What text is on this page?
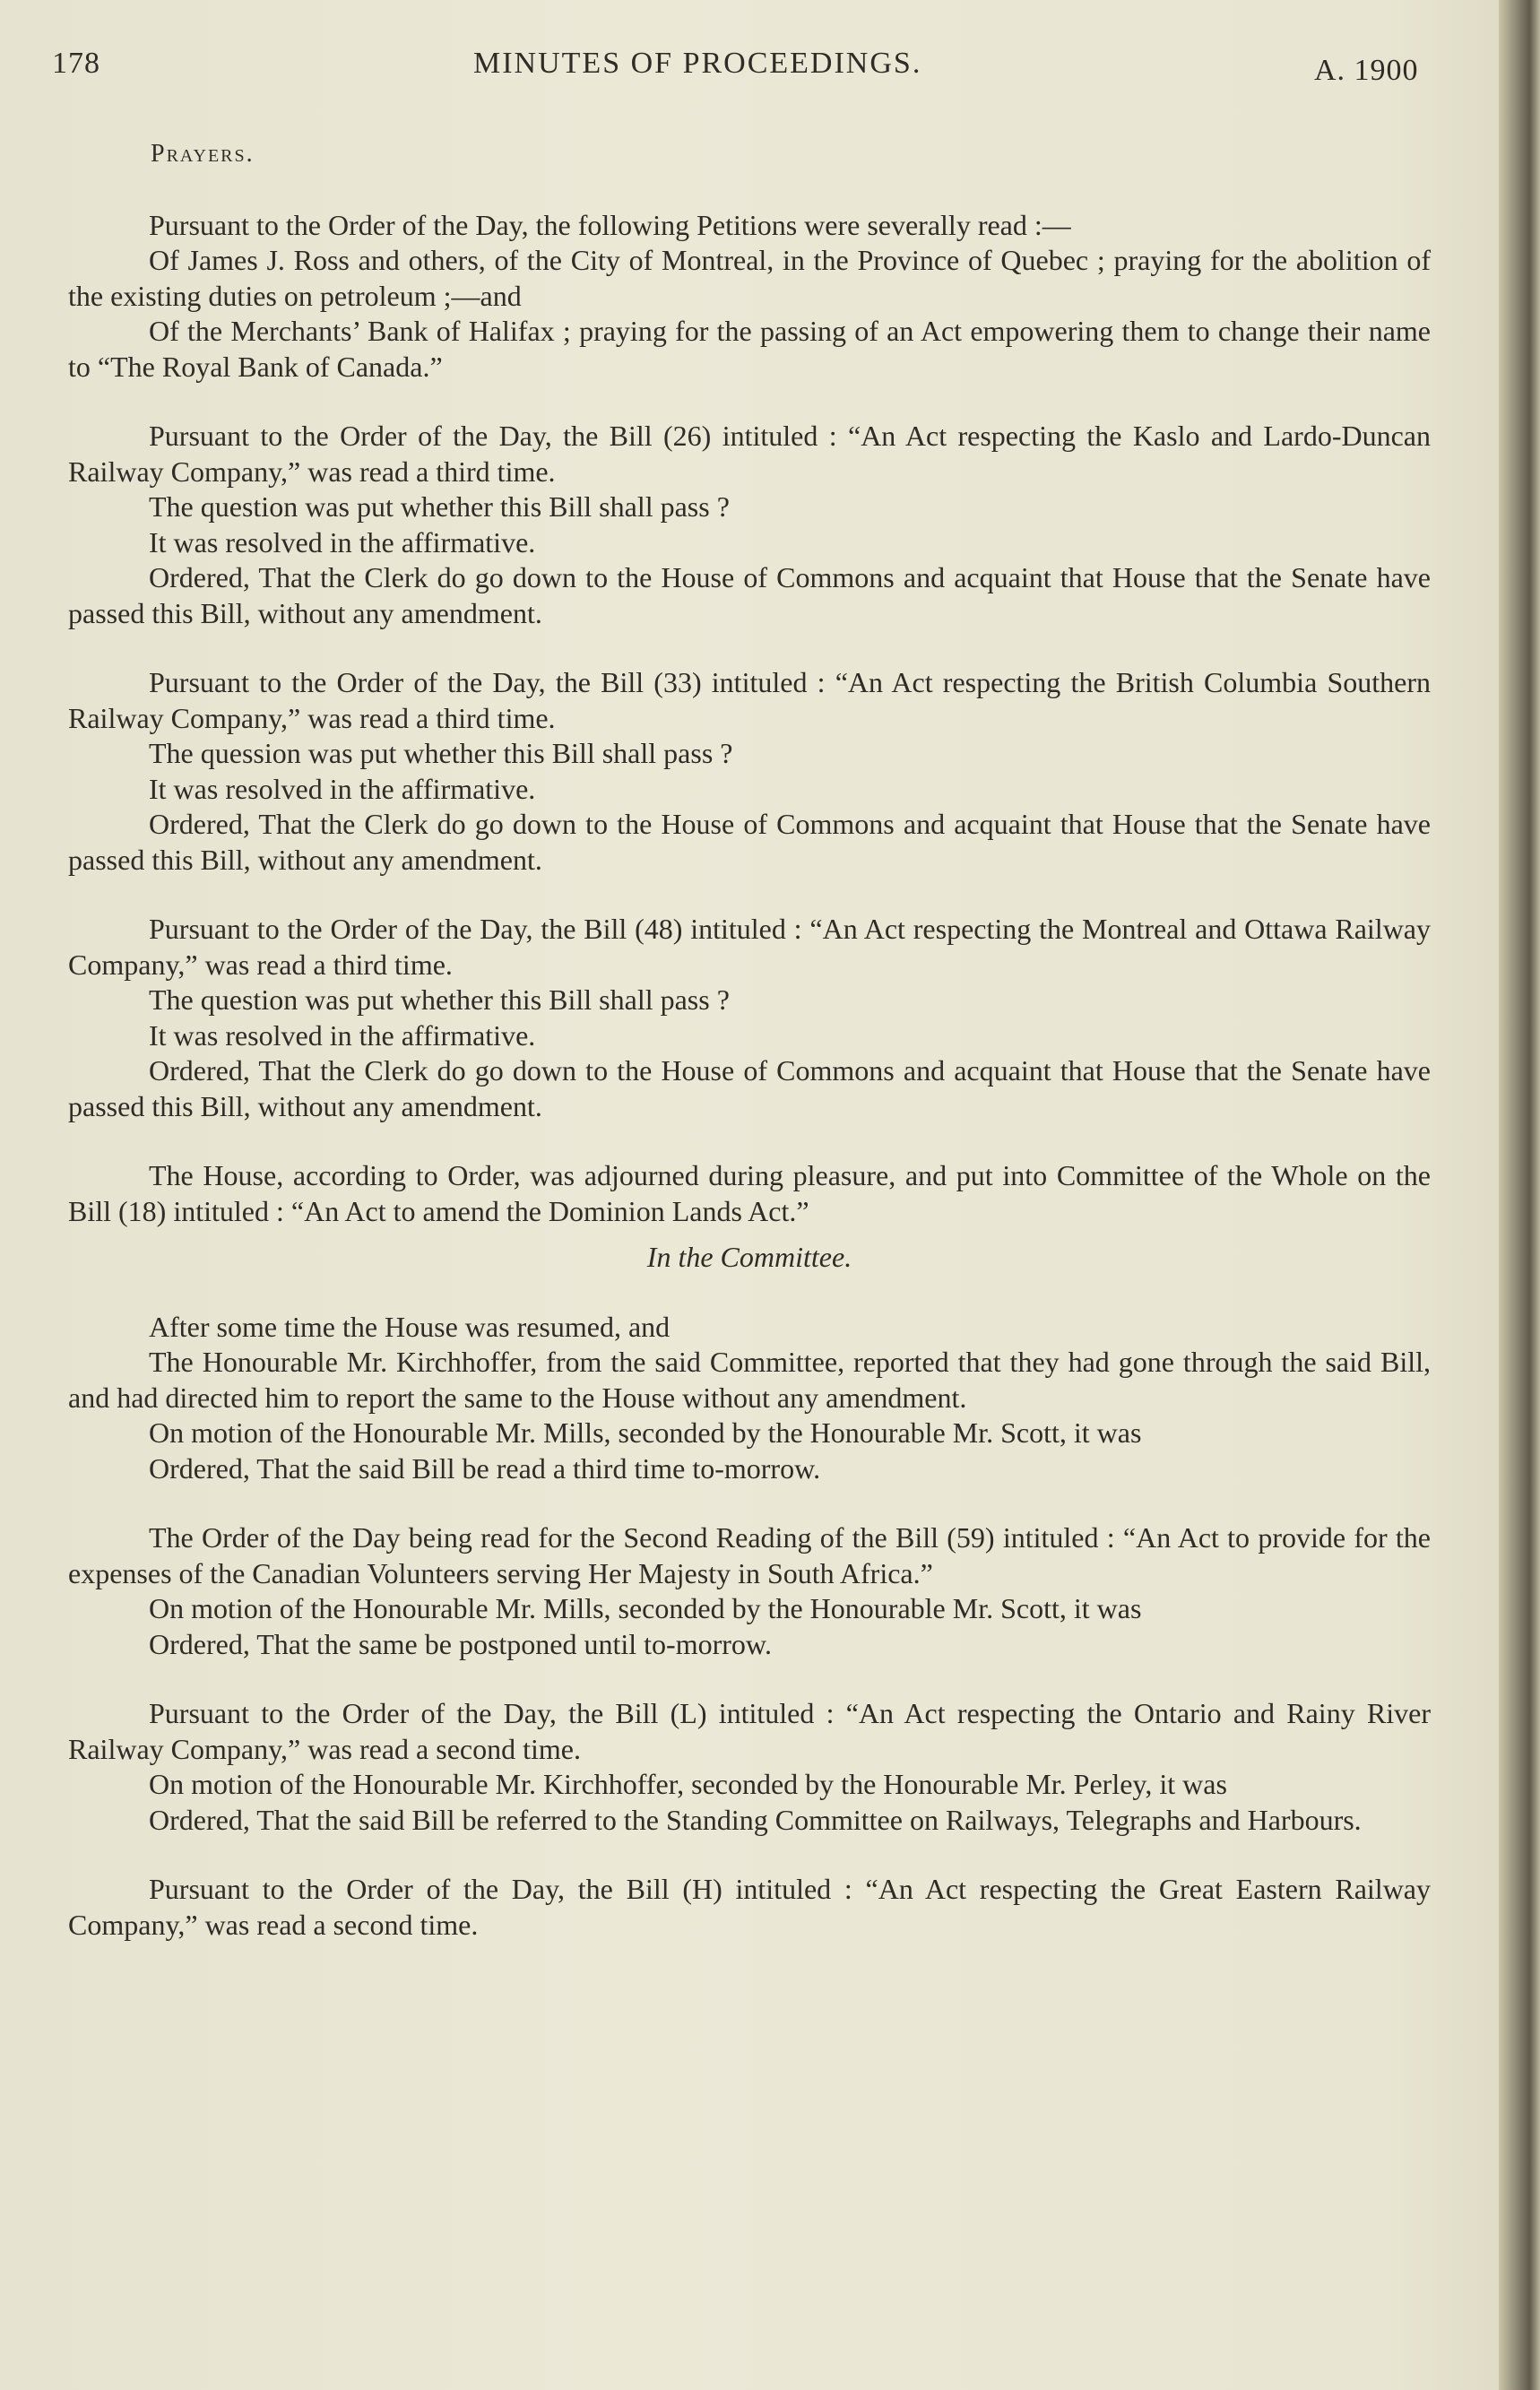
178	MINUTES OF PROCEEDINGS.	A. 1900

Prayers.

Pursuant to the Order of the Day, the following Petitions were severally read :—

Of James J. Ross and others, of the City of Montreal, in the Province of Quebec ; praying for the abolition of the existing duties on petroleum ;—and

Of the Merchants’ Bank of Halifax ; praying for the passing of an Act empowering them to change their name to “The Royal Bank of Canada.”

Pursuant to the Order of the Day, the Bill (26) intituled : “An Act respecting the Kaslo and Lardo-Duncan Railway Company,” was read a third time.

The question was put whether this Bill shall pass ?

It was resolved in the affirmative.

Ordered, That the Clerk do go down to the House of Commons and acquaint that House that the Senate have passed this Bill, without any amendment.

Pursuant to the Order of the Day, the Bill (33) intituled : “An Act respecting the British Columbia Southern Railway Company,” was read a third time.

The quession was put whether this Bill shall pass ?

It was resolved in the affirmative.

Ordered, That the Clerk do go down to the House of Commons and acquaint that House that the Senate have passed this Bill, without any amendment.

Pursuant to the Order of the Day, the Bill (48) intituled : “An Act respecting the Montreal and Ottawa Railway Company,” was read a third time.

The question was put whether this Bill shall pass ?

It was resolved in the affirmative.

Ordered, That the Clerk do go down to the House of Commons and acquaint that House that the Senate have passed this Bill, without any amendment.

The House, according to Order, was adjourned during pleasure, and put into Committee of the Whole on the Bill (18) intituled : “An Act to amend the Dominion Lands Act.”

In the Committee.

After some time the House was resumed, and

The Honourable Mr. Kirchhoffer, from the said Committee, reported that they had gone through the said Bill, and had directed him to report the same to the House without any amendment.

On motion of the Honourable Mr. Mills, seconded by the Honourable Mr. Scott, it was

Ordered, That the said Bill be read a third time to-morrow.

The Order of the Day being read for the Second Reading of the Bill (59) intituled : “An Act to provide for the expenses of the Canadian Volunteers serving Her Majesty in South Africa.”

On motion of the Honourable Mr. Mills, seconded by the Honourable Mr. Scott, it was

Ordered, That the same be postponed until to-morrow.

Pursuant to the Order of the Day, the Bill (L) intituled : “An Act respecting the Ontario and Rainy River Railway Company,” was read a second time.

On motion of the Honourable Mr. Kirchhoffer, seconded by the Honourable Mr. Perley, it was

Ordered, That the said Bill be referred to the Standing Committee on Railways, Telegraphs and Harbours.

Pursuant to the Order of the Day, the Bill (H) intituled : “An Act respecting the Great Eastern Railway Company,” was read a second time.
